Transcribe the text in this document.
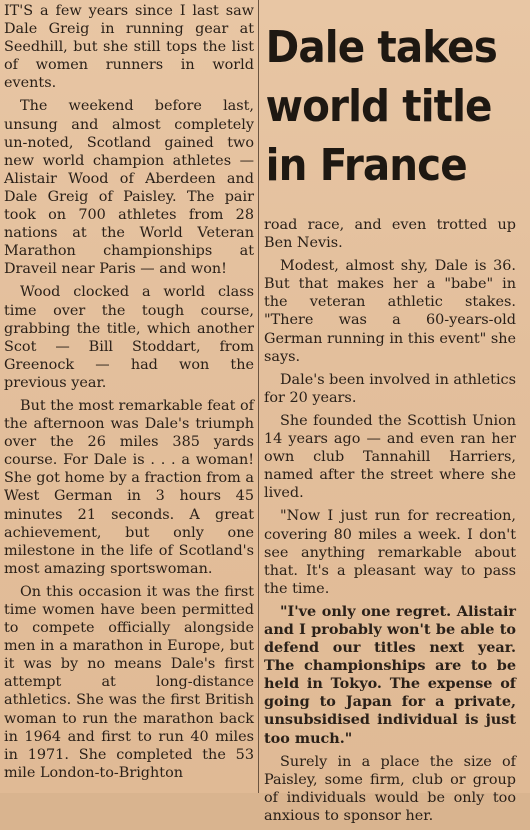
Dale takes
world title
in France

IT'S a few years since I last saw Dale Greig in running gear at Seedhill, but she still tops the list of women runners in world events.

The weekend before last, unsung and almost completely un-noted, Scotland gained two new world champion athletes — Alistair Wood of Aberdeen and Dale Greig of Paisley. The pair took on 700 athletes from 28 nations at the World Veteran Marathon championships at Draveil near Paris — and won!

Wood clocked a world class time over the tough course, grabbing the title, which another Scot — Bill Stoddart, from Greenock — had won the previous year.

But the most remarkable feat of the afternoon was Dale's triumph over the 26 miles 385 yards course. For Dale is . . . a woman! She got home by a fraction from a West German in 3 hours 45 minutes 21 seconds. A great achievement, but only one milestone in the life of Scotland's most amazing sportswoman.

On this occasion it was the first time women have been permitted to compete officially alongside men in a marathon in Europe, but it was by no means Dale's first attempt at long-distance athletics. She was the first British woman to run the marathon back in 1964 and first to run 40 miles in 1971. She completed the 53 mile London-to-Brighton

road race, and even trotted up Ben Nevis.

Modest, almost shy, Dale is 36. But that makes her a "babe" in the veteran athletic stakes. "There was a 60-years-old German running in this event" she says.

Dale's been involved in athletics for 20 years.

She founded the Scottish Union 14 years ago — and even ran her own club Tannahill Harriers, named after the street where she lived.

"Now I just run for recreation, covering 80 miles a week. I don't see anything remarkable about that. It's a pleasant way to pass the time.

"I've only one regret. Alistair and I probably won't be able to defend our titles next year. The championships are to be held in Tokyo. The expense of going to Japan for a private, unsubsidised individual is just too much."

Surely in a place the size of Paisley, some firm, club or group of individuals would be only too anxious to sponsor her.
